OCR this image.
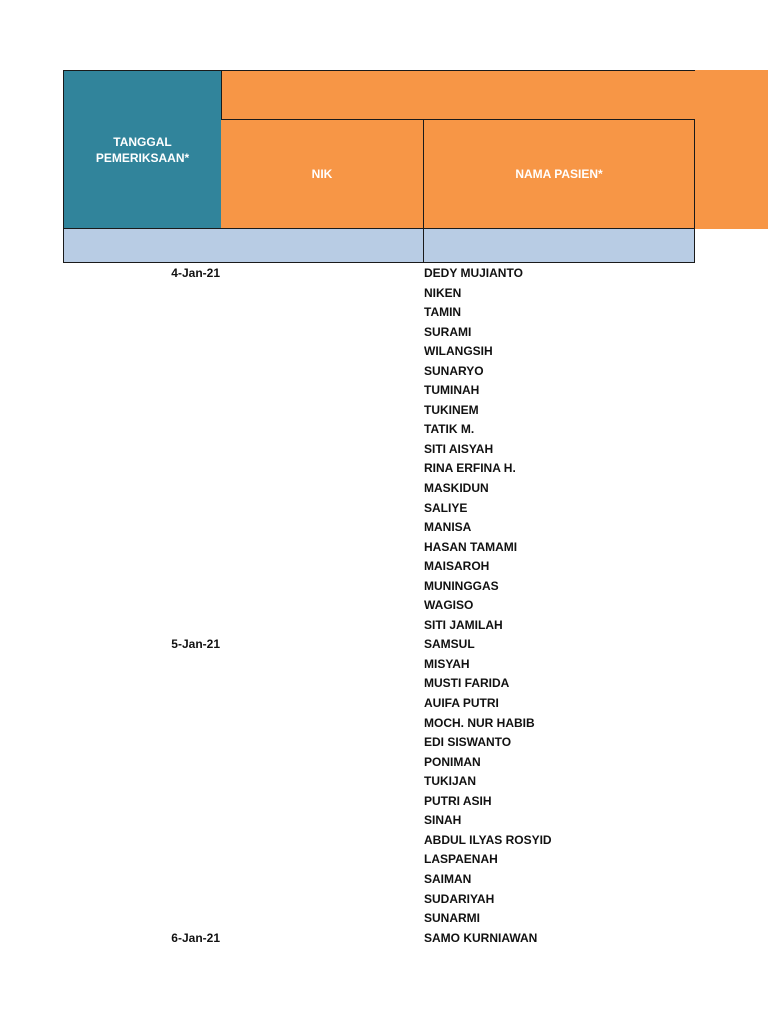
TANGGAL
PEMERIKSAAN*
NIK	NAMA PASIEN*
4-Jan-21	DEDY MUJIANTO
NIKEN
TAMIN
SURAMI
WILANGSIH
SUNARYO
TUMINAH
TUKINEM
TATIK M.
SITI AISYAH
RINA ERFINA H.
MASKIDUN
SALIYE
MANISA
HASAN TAMAMI
MAISAROH
MUNINGGAS
WAGISO
SITI JAMILAH
5-Jan-21	SAMSUL
MISYAH
MUSTI FARIDA
AUIFA PUTRI
MOCH. NUR HABIB
EDI SISWANTO
PONIMAN
TUKIJAN
PUTRI ASIH
SINAH
ABDUL ILYAS ROSYID
LASPAENAH
SAIMAN
SUDARIYAH
SUNARMI
6-Jan-21	SAMO KURNIAWAN
